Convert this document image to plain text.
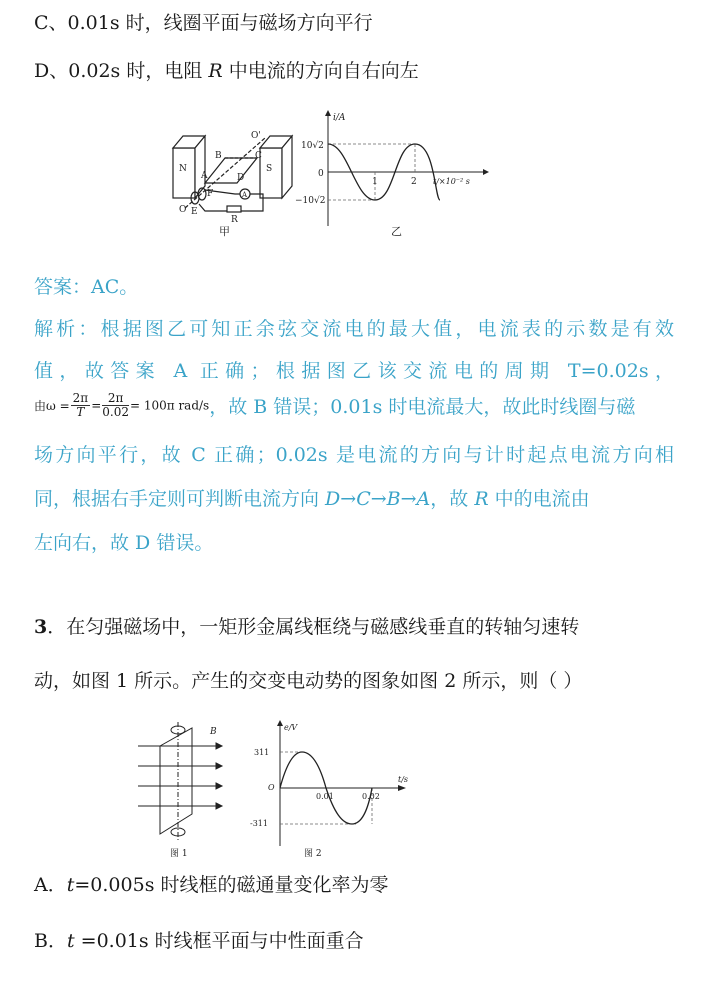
C、0.01s 时，线圈平面与磁场方向平行
D、0.02s 时，电阻 R 中电流的方向自右向左
N	S
O'
B	C
A	D
F
E
O
R
A
甲
i/A
10√2
−10√2
0
1	2 t/×10⁻² s
乙
答案：AC。
解析：根据图乙可知正余弦交流电的最大值，电流表的示数是有效
值，故答案 A 正确；根据图乙该交流电的周期 T=0.02s，
由$\omega = \frac{2\pi}{T} = \frac{2\pi}{0.02} = 100\pi$ rad/s，故 B 错误；0.01s 时电流最大，故此时线圈与磁
场方向平行，故 C 正确；0.02s 是电流的方向与计时起点电流方向相
同，根据右手定则可判断电流方向 D→C→B→A，故 R 中的电流由
左向右，故 D 错误。
3．在匀强磁场中，一矩形金属线框绕与磁感线垂直的转轴匀速转
动，如图 1 所示。产生的交变电动势的图象如图 2 所示，则（ ）
B
图 1
e/V
311
-311
O
0.01	0.02
t/s
图 2
A．t=0.005s 时线框的磁通量变化率为零
B．t =0.01s 时线框平面与中性面重合
